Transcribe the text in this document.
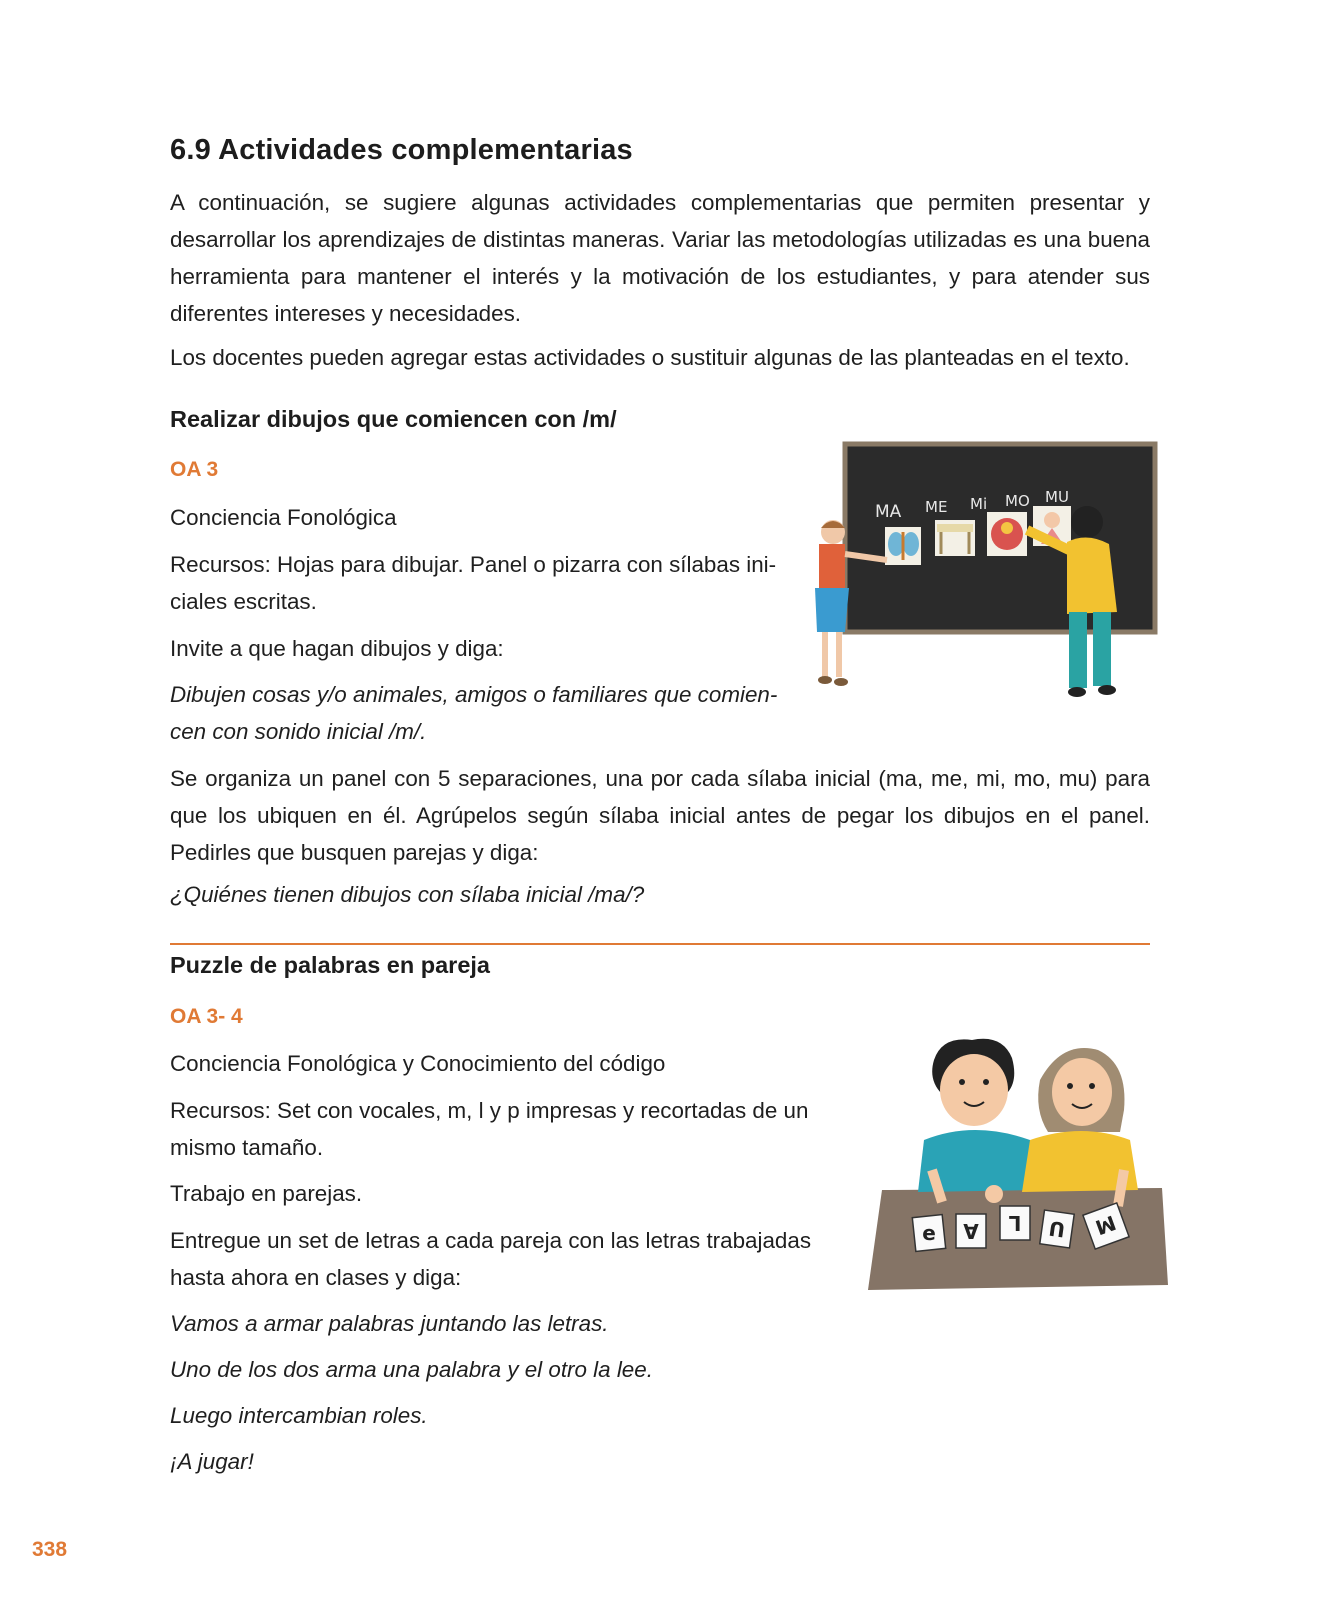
6.9 Actividades complementarias

A continuación, se sugiere algunas actividades complementarias que permiten presentar y desarrollar los aprendizajes de distintas maneras. Variar las metodologías utilizadas es una buena herramienta para mantener el interés y la motivación de los estudiantes, y para atender sus diferentes intereses y necesidades.

Los docentes pueden agregar estas actividades o sustituir algunas de las planteadas en el texto.

Realizar dibujos que comiencen con /m/

OA 3

Conciencia Fonológica

Recursos: Hojas para dibujar. Panel o pizarra con sílabas ini-

ciales escritas.

Invite a que hagan dibujos y diga:

Dibujen cosas y/o animales, amigos o familiares que comien-

cen con sonido inicial /m/.

Se organiza un panel con 5 separaciones, una por cada sílaba inicial (ma, me, mi, mo, mu) para que los ubiquen en él. Agrúpelos según sílaba inicial antes de pegar los dibujos en el panel. Pedirles que busquen parejas y diga:

¿Quiénes tienen dibujos con sílaba inicial /ma/?

MA ME Mi MO MU
Puzzle de palabras en pareja

OA 3- 4

Conciencia Fonológica y Conocimiento del código

Recursos: Set con vocales, m, l y p impresas y recortadas de un

mismo tamaño.

Trabajo en parejas.

Entregue un set de letras a cada pareja con las letras trabajadas

hasta ahora en clases y diga:

Vamos a armar palabras juntando las letras.

Uno de los dos arma una palabra y el otro la lee.

Luego intercambian roles.

¡A jugar!

e A L U M

338
